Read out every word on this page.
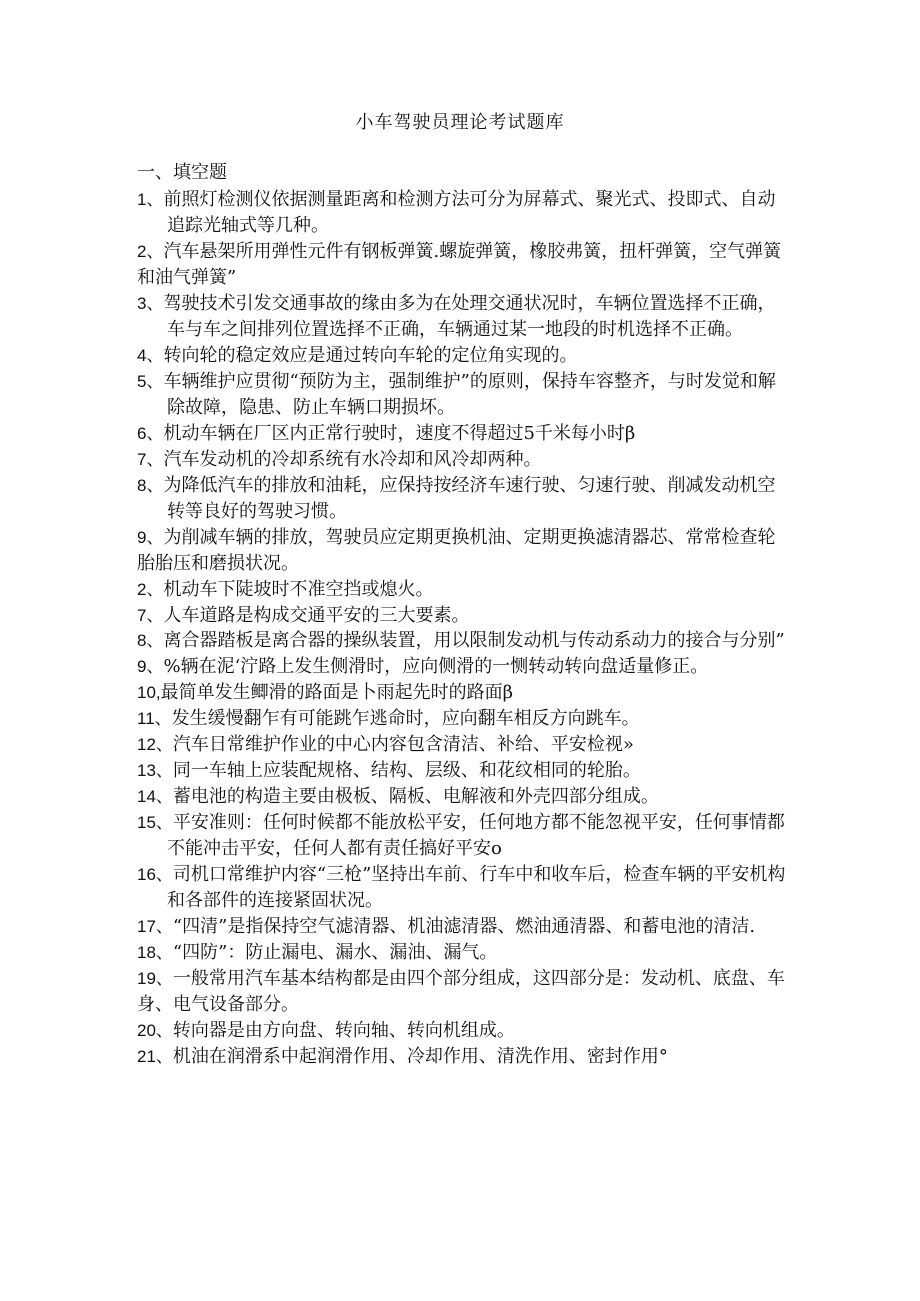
小车驾驶员理论考试题库
一、填空题
1、前照灯检测仪依据测量距离和检测方法可分为屏幕式、聚光式、投即式、自动追踪光轴式等几种。
2、汽车悬架所用弹性元件有钢板弹簧.螺旋弹簧，橡胶弗簧，扭杆弹簧，空气弹簧和油气弹簧”
3、驾驶技术引发交通事故的缘由多为在处理交通状况时，车辆位置选择不正确，车与车之间排列位置选择不正确，车辆通过某一地段的时机选择不正确。
4、转向轮的稳定效应是通过转向车轮的定位角实现的。
5、车辆维护应贯彻“预防为主，强制维护”的原则，保持车容整齐，与时发觉和解除故障，隐患、防止车辆口期损坏。
6、机动车辆在厂区内正常行驶时，速度不得超过5千米每小时β
7、汽车发动机的冷却系统有水冷却和风冷却两种。
8、为降低汽车的排放和油耗，应保持按经济车速行驶、匀速行驶、削减发动机空转等良好的驾驶习惯。
9、为削减车辆的排放，驾驶员应定期更换机油、定期更换滤清器芯、常常检查轮胎胎压和磨损状况。
2、机动车下陡坡时不准空挡或熄火。
7、人车道路是构成交通平安的三大要素。
8、离合器踏板是离合器的操纵装置，用以限制发动机与传动系动力的接合与分别”
9、%辆在泥‘泞路上发生侧滑时，应向侧滑的一恻转动转向盘适量修正。
10,最简单发生鲫滑的路面是卜雨起先时的路面β
11、发生缓慢翻乍有可能跳乍逃命时，应向翻车相反方向跳车。
12、汽车日常维护作业的中心内容包含清洁、补给、平安检视»
13、同一车轴上应装配规格、结构、层级、和花纹相同的轮胎。
14、蓄电池的构造主要由极板、隔板、电解液和外壳四部分组成。
15、平安准则：任何时候都不能放松平安，任何地方都不能忽视平安，任何事情都不能冲击平安，任何人都有责任搞好平安o
16、司机口常维护内容“三枪”坚持出车前、行车中和收车后，检查车辆的平安机构和各部件的连接紧固状况。
17、“四清”是指保持空气滤清器、机油滤清器、燃油通清器、和蓄电池的清洁.
18、“四防”：防止漏电、漏水、漏油、漏气。
19、一般常用汽车基本结构都是由四个部分组成，这四部分是：发动机、底盘、车身、电气设备部分。
20、转向器是由方向盘、转向轴、转向机组成。
21、机油在润滑系中起润滑作用、冷却作用、清洗作用、密封作用°
